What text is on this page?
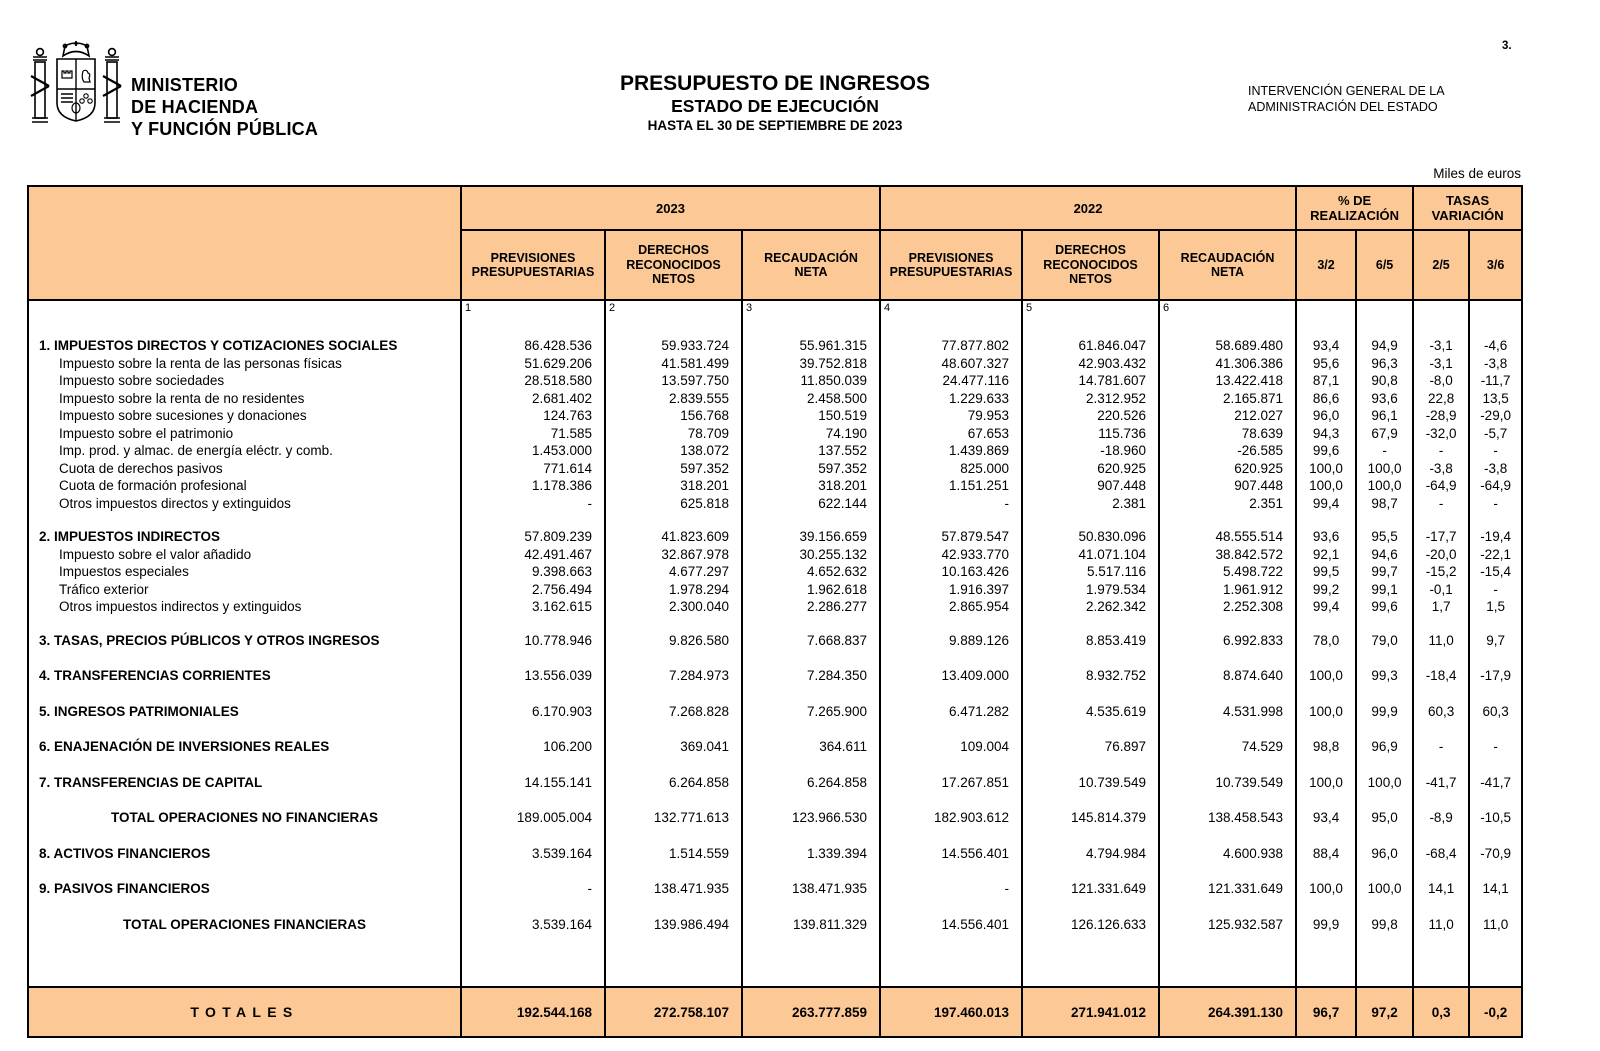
3.
MINISTERIO
DE HACIENDA
Y FUNCIÓN PÚBLICA
PRESUPUESTO DE INGRESOS
ESTADO DE EJECUCIÓN
HASTA EL 30 DE SEPTIEMBRE DE 2023
INTERVENCIÓN GENERAL DE LA
ADMINISTRACIÓN DEL ESTADO
Miles de euros
	2023			2022			% DE REALIZACIÓN		TASAS VARIACIÓN	
	PREVISIONES PRESUPUESTARIAS	DERECHOS RECONOCIDOS NETOS	RECAUDACIÓN NETA	PREVISIONES PRESUPUESTARIAS	DERECHOS RECONOCIDOS NETOS	RECAUDACIÓN NETA	3/2	6/5	2/5	3/6
	1	2	3	4	5	6				

1. IMPUESTOS DIRECTOS Y COTIZACIONES SOCIALES	86.428.536	59.933.724	55.961.315	77.877.802	61.846.047	58.689.480	93,4	94,9	-3,1	-4,6
Impuesto sobre la renta de las personas físicas	51.629.206	41.581.499	39.752.818	48.607.327	42.903.432	41.306.386	95,6	96,3	-3,1	-3,8
Impuesto sobre sociedades	28.518.580	13.597.750	11.850.039	24.477.116	14.781.607	13.422.418	87,1	90,8	-8,0	-11,7
Impuesto sobre la renta de no residentes	2.681.402	2.839.555	2.458.500	1.229.633	2.312.952	2.165.871	86,6	93,6	22,8	13,5
Impuesto sobre sucesiones y donaciones	124.763	156.768	150.519	79.953	220.526	212.027	96,0	96,1	-28,9	-29,0
Impuesto sobre el patrimonio	71.585	78.709	74.190	67.653	115.736	78.639	94,3	67,9	-32,0	-5,7
Imp. prod. y almac. de energía eléctr. y comb.	1.453.000	138.072	137.552	1.439.869	-18.960	-26.585	99,6	-	-	-
Cuota de derechos pasivos	771.614	597.352	597.352	825.000	620.925	620.925	100,0	100,0	-3,8	-3,8
Cuota de formación profesional	1.178.386	318.201	318.201	1.151.251	907.448	907.448	100,0	100,0	-64,9	-64,9
Otros impuestos directos y extinguidos	-	625.818	622.144	-	2.381	2.351	99,4	98,7	-	-

2. IMPUESTOS INDIRECTOS	57.809.239	41.823.609	39.156.659	57.879.547	50.830.096	48.555.514	93,6	95,5	-17,7	-19,4
Impuesto sobre el valor añadido	42.491.467	32.867.978	30.255.132	42.933.770	41.071.104	38.842.572	92,1	94,6	-20,0	-22,1
Impuestos especiales	9.398.663	4.677.297	4.652.632	10.163.426	5.517.116	5.498.722	99,5	99,7	-15,2	-15,4
Tráfico exterior	2.756.494	1.978.294	1.962.618	1.916.397	1.979.534	1.961.912	99,2	99,1	-0,1	-
Otros impuestos indirectos y extinguidos	3.162.615	2.300.040	2.286.277	2.865.954	2.262.342	2.252.308	99,4	99,6	1,7	1,5

3. TASAS, PRECIOS PÚBLICOS Y OTROS INGRESOS	10.778.946	9.826.580	7.668.837	9.889.126	8.853.419	6.992.833	78,0	79,0	11,0	9,7

4. TRANSFERENCIAS CORRIENTES	13.556.039	7.284.973	7.284.350	13.409.000	8.932.752	8.874.640	100,0	99,3	-18,4	-17,9

5. INGRESOS PATRIMONIALES	6.170.903	7.268.828	7.265.900	6.471.282	4.535.619	4.531.998	100,0	99,9	60,3	60,3

6. ENAJENACIÓN DE INVERSIONES REALES	106.200	369.041	364.611	109.004	76.897	74.529	98,8	96,9	-	-

7. TRANSFERENCIAS DE CAPITAL	14.155.141	6.264.858	6.264.858	17.267.851	10.739.549	10.739.549	100,0	100,0	-41,7	-41,7

TOTAL OPERACIONES NO FINANCIERAS	189.005.004	132.771.613	123.966.530	182.903.612	145.814.379	138.458.543	93,4	95,0	-8,9	-10,5

8. ACTIVOS FINANCIEROS	3.539.164	1.514.559	1.339.394	14.556.401	4.794.984	4.600.938	88,4	96,0	-68,4	-70,9

9. PASIVOS FINANCIEROS	-	138.471.935	138.471.935	-	121.331.649	121.331.649	100,0	100,0	14,1	14,1

TOTAL OPERACIONES FINANCIERAS	3.539.164	139.986.494	139.811.329	14.556.401	126.126.633	125.932.587	99,9	99,8	11,0	11,0

TOTALES	192.544.168	272.758.107	263.777.859	197.460.013	271.941.012	264.391.130	96,7	97,2	0,3	-0,2
